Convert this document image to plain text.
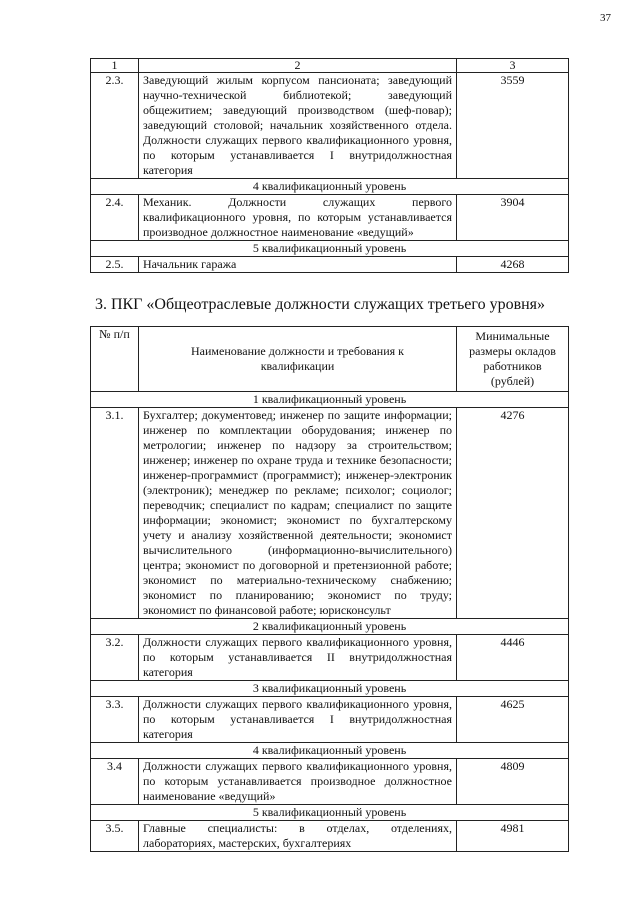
37
1	2	3
2.3.	Заведующий жилым корпусом пансионата; заведующий научно-технической библиотекой; заведующий общежитием; заведующий производством (шеф-повар); заведующий столовой; начальник хозяйственного отдела. Должности служащих первого квалификационного уровня, по которым устанавливается I внутридолжностная категория	3559
4 квалификационный уровень		
2.4.	Механик. Должности служащих первого квалификационного уровня, по которым устанавливается производное должностное наименование «ведущий»	3904
5 квалификационный уровень		
2.5.	Начальник гаража	4268
3. ПКГ «Общеотраслевые должности служащих третьего уровня»
№ п/п	Наименование должности и требования к квалификации	Минимальные размеры окладов работников (рублей)
1 квалификационный уровень		
3.1.	Бухгалтер; документовед; инженер по защите информации; инженер по комплектации оборудования; инженер по метрологии; инженер по надзору за строительством; инженер; инженер по охране труда и технике безопасности; инженер-программист (программист); инженер-электроник (электроник); менеджер по рекламе; психолог; социолог; переводчик; специалист по кадрам; специалист по защите информации; экономист; экономист по бухгалтерскому учету и анализу хозяйственной деятельности; экономист вычислительного (информационно-вычислительного) центра; экономист по договорной и претензионной работе; экономист по материально-техническому снабжению; экономист по планированию; экономист по труду; экономист по финансовой работе; юрисконсульт	4276
2 квалификационный уровень		
3.2.	Должности служащих первого квалификационного уровня, по которым устанавливается II внутридолжностная категория	4446
3 квалификационный уровень		
3.3.	Должности служащих первого квалификационного уровня, по которым устанавливается I внутридолжностная категория	4625
4 квалификационный уровень		
3.4	Должности служащих первого квалификационного уровня, по которым устанавливается производное должностное наименование «ведущий»	4809
5 квалификационный уровень		
3.5.	Главные специалисты: в отделах, отделениях, лабораториях, мастерских, бухгалтериях	4981
